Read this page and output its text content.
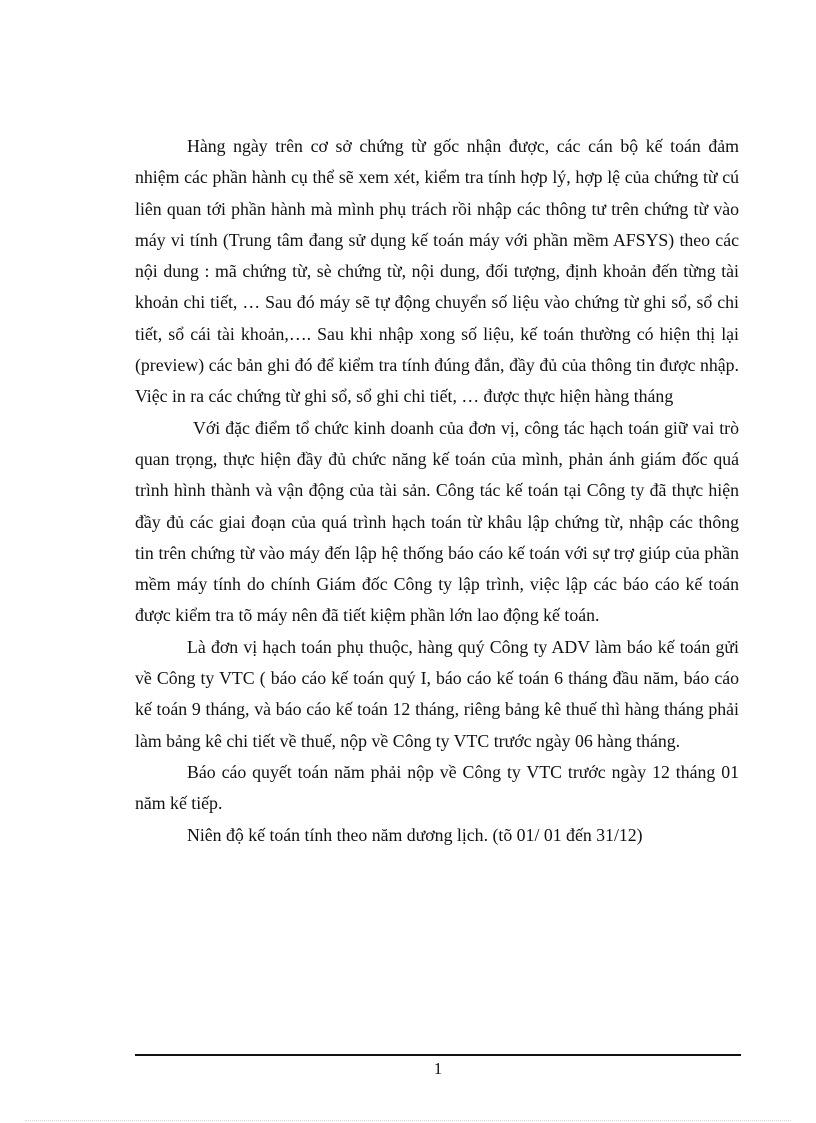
Hàng ngày trên cơ sở chứng từ gốc nhận được, các cán bộ kế toán đảm nhiệm các phần hành cụ thể sẽ xem xét, kiểm tra tính hợp lý, hợp lệ của chứng từ cú liên quan tới phần hành mà mình phụ trách rồi nhập các thông tư trên chứng từ vào máy vi tính (Trung tâm đang sử dụng kế toán máy với phần mềm AFSYS) theo các nội dung : mã chứng từ, sè chứng từ, nội dung, đối tượng, định khoản đến từng tài khoản chi tiết, … Sau đó máy sẽ tự động chuyển số liệu vào chứng từ ghi sổ, sổ chi tiết, sổ cái tài khoản,…. Sau khi nhập xong số liệu, kế toán thường có hiện thị lại (preview) các bản ghi đó để kiểm tra tính đúng đắn, đầy đủ của thông tin được nhập. Việc in ra các chứng từ ghi sổ, sổ ghi chi tiết, … được thực hiện hàng tháng

Với đặc điểm tổ chức kinh doanh của đơn vị, công tác hạch toán giữ vai trò quan trọng, thực hiện đầy đủ chức năng kế toán của mình, phản ánh giám đốc quá trình hình thành và vận động của tài sản. Công tác kế toán tại Công ty đã thực hiện đầy đủ các giai đoạn của quá trình hạch toán từ khâu lập chứng từ, nhập các thông tin trên chứng từ vào máy đến lập hệ thống báo cáo kế toán với sự trợ giúp của phần mềm máy tính do chính Giám đốc Công ty lập trình, việc lập các báo cáo kế toán được kiểm tra tõ máy nên đã tiết kiệm phần lớn lao động kế toán.

Là đơn vị hạch toán phụ thuộc, hàng quý Công ty ADV làm báo kế toán gửi về Công ty VTC ( báo cáo kế toán quý I, báo cáo kế toán 6 tháng đầu năm, báo cáo kế toán 9 tháng, và báo cáo kế toán 12 tháng, riêng bảng kê thuế thì hàng tháng phải làm bảng kê chi tiết về thuế, nộp về Công ty VTC trước ngày 06 hàng tháng.

Báo cáo quyết toán năm phải nộp về Công ty VTC trước ngày 12 tháng 01 năm kế tiếp.

Niên độ kế toán tính theo năm dương lịch. (tõ 01/ 01 đến 31/12)

1
